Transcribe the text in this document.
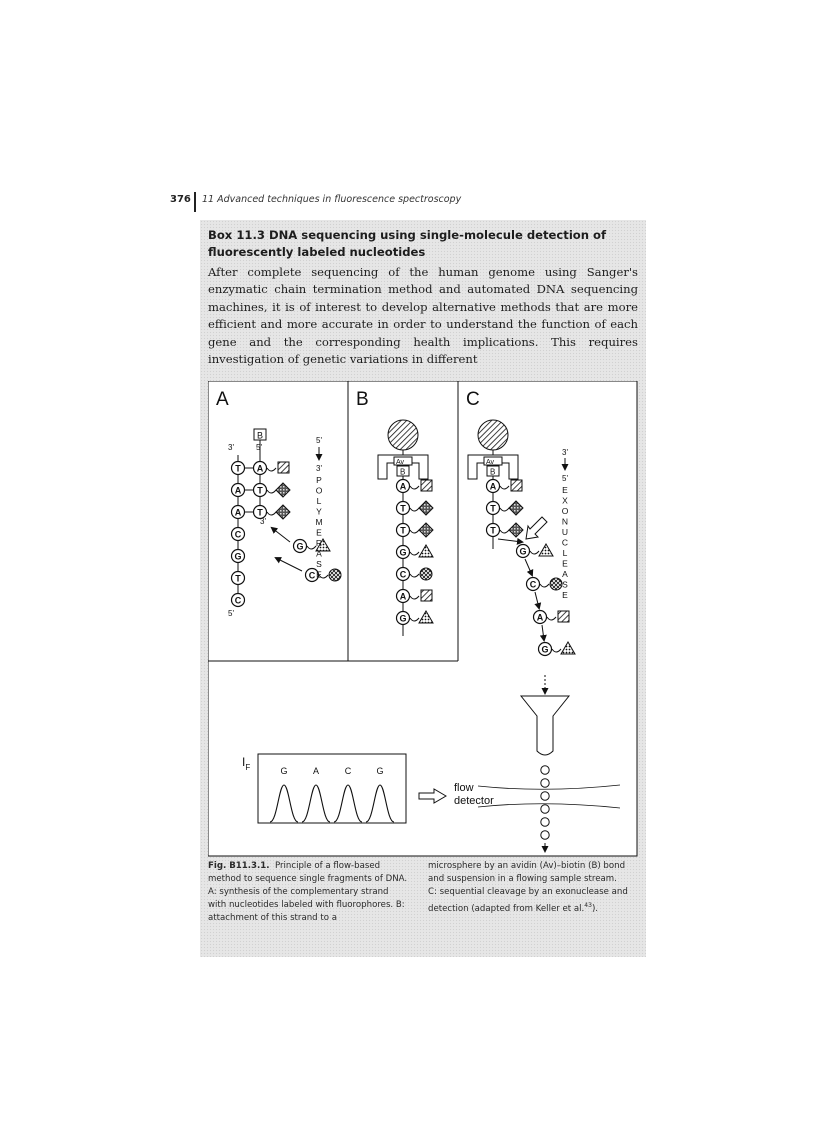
376 11 Advanced techniques in fluorescence spectroscopy

Box 11.3 DNA sequencing using single-molecule detection of fluorescently labeled nucleotides

After complete sequencing of the human genome using Sanger's enzymatic chain termination method and automated DNA sequencing machines, it is of interest to develop alternative methods that are more efficient and more accurate in order to understand the function of each gene and the corresponding health implications. This requires investigation of genetic variations in different

A	B	C
B
3'	5'
T
A
A
C
G
T
C
A
T
T
3'
5'
G
C
5'
3'
P
O
L
Y
M
E
R
A
S
E
Av
B
A
T
T
G
C
A
G
Av
B
A
T
T
G
C
A
G
3'
5'
E
X
O
N
U
C
L
E
A
S
E
flow
detector
$I_F$	G	A	C	G

Fig. B11.3.1. Principle of a flow-based method to sequence single fragments of DNA. A: synthesis of the complementary strand with nucleotides labeled with fluorophores. B: attachment of this strand to a

microsphere by an avidin (Av)–biotin (B) bond and suspension in a flowing sample stream. C: sequential cleavage by an exonuclease and detection (adapted from Keller et al.$^{43}$).
